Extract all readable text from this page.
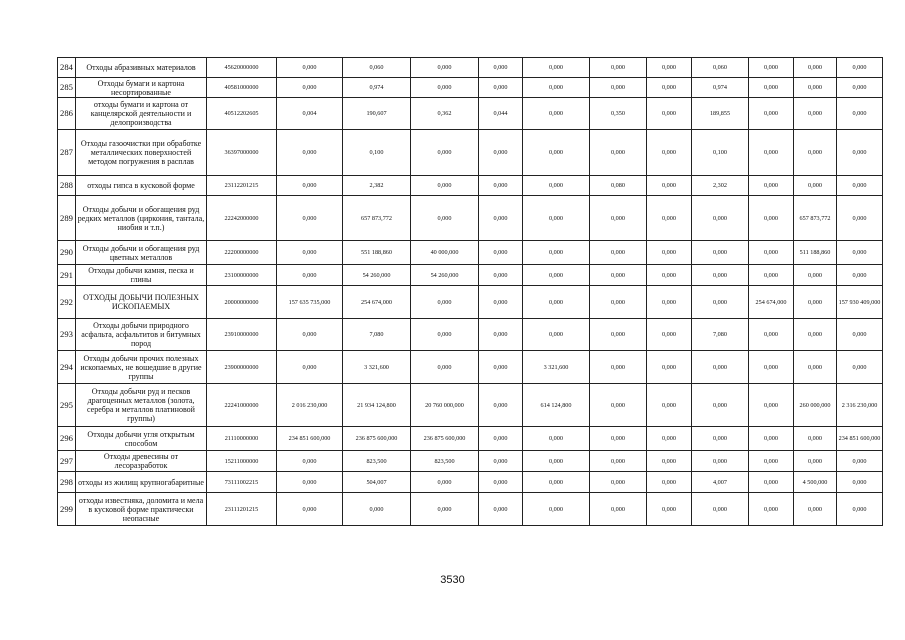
284	Отходы абразивных материалов	45620000000	0,000	0,060	0,000	0,000	0,000	0,000	0,000	0,060	0,000	0,000	0,000
285	Отходы бумаги и картона несортированные	40581000000	0,000	0,974	0,000	0,000	0,000	0,000	0,000	0,974	0,000	0,000	0,000
286	отходы бумаги и картона от канцелярской деятельности и делопроизводства	40512202605	0,004	190,607	0,362	0,044	0,000	0,350	0,000	189,855	0,000	0,000	0,000
287	Отходы газоочистки при обработке металлических поверхностей методом погружения в расплав	36397000000	0,000	0,100	0,000	0,000	0,000	0,000	0,000	0,100	0,000	0,000	0,000
288	отходы гипса в кусковой форме	23112201215	0,000	2,382	0,000	0,000	0,000	0,080	0,000	2,302	0,000	0,000	0,000
289	Отходы добычи и обогащения руд редких металлов (циркония, тантала, ниобия и т.п.)	22242000000	0,000	657 873,772	0,000	0,000	0,000	0,000	0,000	0,000	0,000	657 873,772	0,000
290	Отходы добычи и обогащения руд цветных металлов	22200000000	0,000	551 188,860	40 000,000	0,000	0,000	0,000	0,000	0,000	0,000	511 188,860	0,000
291	Отходы добычи камня, песка и глины	23100000000	0,000	54 260,000	54 260,000	0,000	0,000	0,000	0,000	0,000	0,000	0,000	0,000
292	ОТХОДЫ ДОБЫЧИ ПОЛЕЗНЫХ ИСКОПАЕМЫХ	20000000000	157 635 735,000	254 674,000	0,000	0,000	0,000	0,000	0,000	0,000	254 674,000	0,000	157 930 409,000
293	Отходы добычи природного асфальта, асфальтитов и битумных пород	23910000000	0,000	7,080	0,000	0,000	0,000	0,000	0,000	7,080	0,000	0,000	0,000
294	Отходы добычи прочих полезных ископаемых, не вошедшие в другие группы	23900000000	0,000	3 321,600	0,000	0,000	3 321,600	0,000	0,000	0,000	0,000	0,000	0,000
295	Отходы добычи руд и песков драгоценных металлов (золота, серебра и металлов платиновой группы)	22241000000	2 016 230,000	21 934 124,800	20 760 000,000	0,000	614 124,800	0,000	0,000	0,000	0,000	260 000,000	2 316 230,000
296	Отходы добычи угля открытым способом	21110000000	234 851 600,000	236 875 600,000	236 875 600,000	0,000	0,000	0,000	0,000	0,000	0,000	0,000	234 851 600,000
297	Отходы древесины от лесоразработок	15211000000	0,000	823,500	823,500	0,000	0,000	0,000	0,000	0,000	0,000	0,000	0,000
298	отходы из жилищ крупногабаритные	73111002215	0,000	504,007	0,000	0,000	0,000	0,000	0,000	4,007	0,000	4 500,000	0,000
299	отходы известняка, доломита и мела в кусковой форме практически неопасные	23111201215	0,000	0,000	0,000	0,000	0,000	0,000	0,000	0,000	0,000	0,000	0,000
3530
